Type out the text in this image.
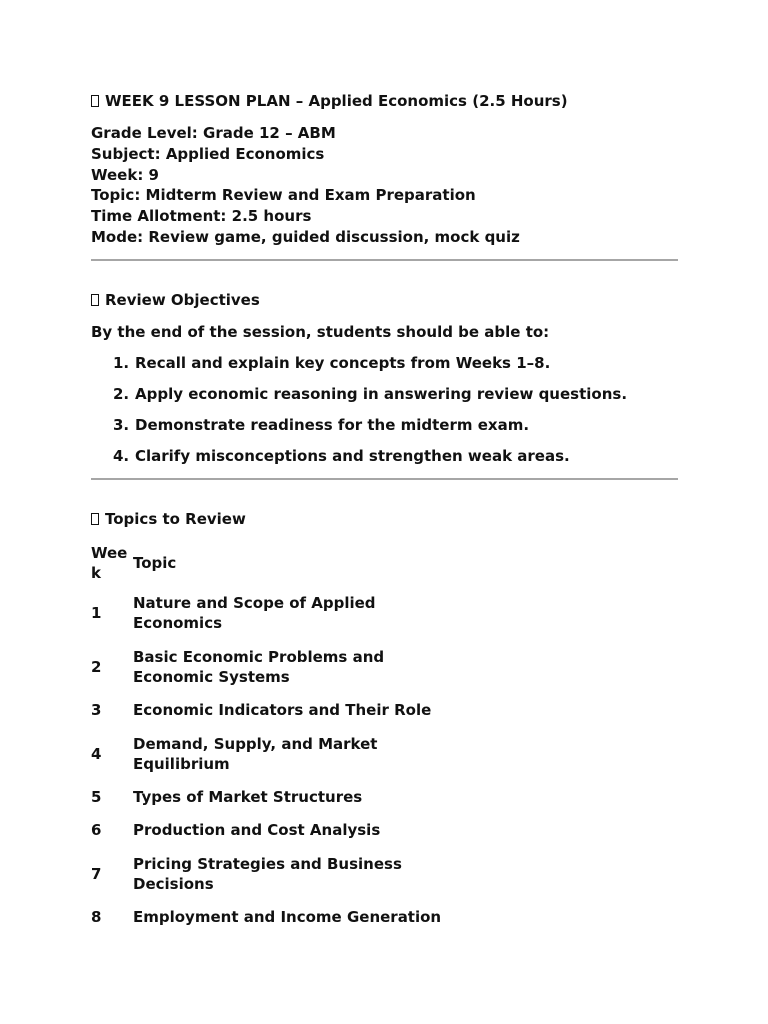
WEEK 9 LESSON PLAN – Applied Economics (2.5 Hours)
Grade Level: Grade 12 – ABM
Subject: Applied Economics
Week: 9
Topic: Midterm Review and Exam Preparation
Time Allotment: 2.5 hours
Mode: Review game, guided discussion, mock quiz
Review Objectives
By the end of the session, students should be able to:
1. Recall and explain key concepts from Weeks 1–8.
2. Apply economic reasoning in answering review questions.
3. Demonstrate readiness for the midterm exam.
4. Clarify misconceptions and strengthen weak areas.
Topics to Review
Week	Topic
1	Nature and Scope of Applied Economics
2	Basic Economic Problems and Economic Systems
3	Economic Indicators and Their Role
4	Demand, Supply, and Market Equilibrium
5	Types of Market Structures
6	Production and Cost Analysis
7	Pricing Strategies and Business Decisions
8	Employment and Income Generation
